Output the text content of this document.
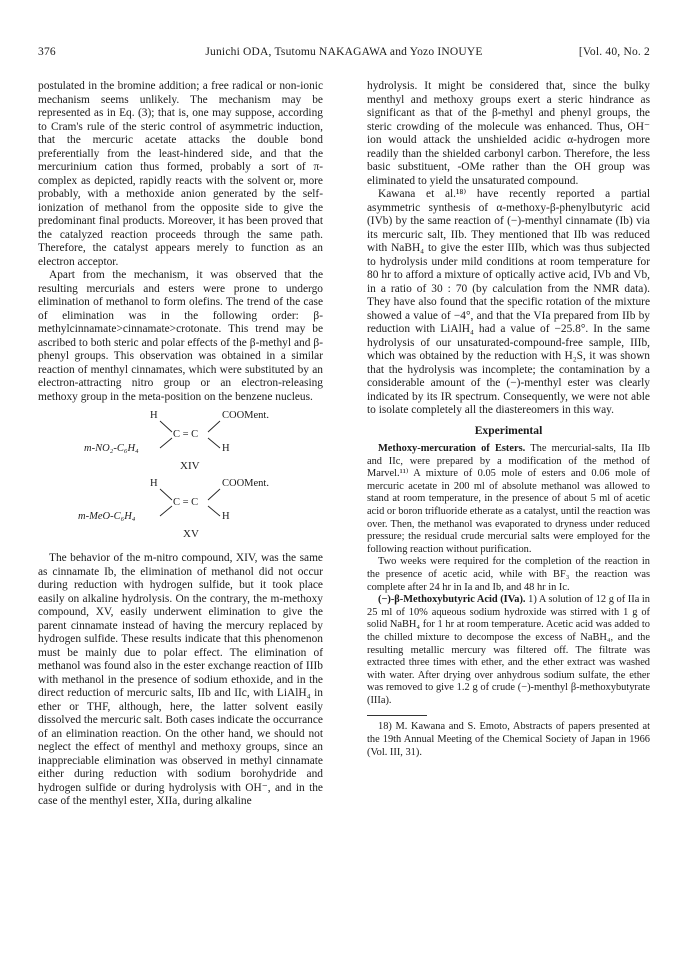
376	Junichi ODA, Tsutomu NAKAGAWA and Yozo INOUYE	[Vol. 40, No. 2

postulated in the bromine addition; a free radical or non-ionic mechanism seems unlikely. The mechanism may be represented as in Eq. (3); that is, one may suppose, according to Cram's rule of the steric control of asymmetric induction, that the mercuric acetate attacks the double bond preferentially from the least-hindered side, and that the mercurinium cation thus formed, probably a sort of π-complex as depicted, rapidly reacts with the solvent or, more probably, with a methoxide anion generated by the self-ionization of methanol from the opposite side to give the predominant final products. Moreover, it has been proved that the catalyzed reaction proceeds through the same path. Therefore, the catalyst appears merely to function as an electron acceptor.

Apart from the mechanism, it was observed that the resulting mercurials and esters were prone to undergo elimination of methanol to form olefins. The trend of the case of elimination was in the following order: β-methylcinnamate>cinnamate>crotonate. This trend may be ascribed to both steric and polar effects of the β-methyl and β-phenyl groups. This observation was obtained in a similar reaction of menthyl cinnamates, which were substituted by an electron-attracting nitro group or an electron-releasing methoxy group in the meta-position on the benzene nucleus.

H	COOMent.
C = C
m-NO₂-C₆H₄	H
XIV
H	COOMent.
C = C
m-MeO-C₆H₄	H
XV

The behavior of the m-nitro compound, XIV, was the same as cinnamate Ib, the elimination of methanol did not occur during reduction with hydrogen sulfide, but it took place easily on alkaline hydrolysis. On the contrary, the m-methoxy compound, XV, easily underwent elimination to give the parent cinnamate instead of having the mercury replaced by hydrogen sulfide. These results indicate that this phenomenon must be mainly due to polar effect. The elimination of methanol was found also in the ester exchange reaction of IIIb with methanol in the presence of sodium ethoxide, and in the direct reduction of mercuric salts, IIb and IIc, with LiAlH₄ in ether or THF, although, here, the latter solvent easily dissolved the mercuric salt. Both cases indicate the occurrance of an elimination reaction. On the other hand, we should not neglect the effect of menthyl and methoxy groups, since an inappreciable elimination was observed in methyl cinnamate either during reduction with sodium borohydride and hydrogen sulfide or during hydrolysis with OH⁻, and in the case of the menthyl ester, XIIa, during alkaline

hydrolysis. It might be considered that, since the bulky menthyl and methoxy groups exert a steric hindrance as significant as that of the β-methyl and phenyl groups, the steric crowding of the molecule was enhanced. Thus, OH⁻ ion would attack the unshielded acidic α-hydrogen more readily than the shielded carbonyl carbon. Therefore, the less basic substituent, -OMe rather than the OH group was eliminated to yield the unsaturated compound.

Kawana et al.¹⁸⁾ have recently reported a partial asymmetric synthesis of α-methoxy-β-phenylbutyric acid (IVb) by the same reaction of (−)-menthyl cinnamate (Ib) via its mercuric salt, IIb. They mentioned that IIb was reduced with NaBH₄ to give the ester IIIb, which was thus subjected to hydrolysis under mild conditions at room temperature for 80 hr to afford a mixture of optically active acid, IVb and Vb, in a ratio of 30 : 70 (by calculation from the NMR data). They have also found that the specific rotation of the mixture showed a value of −4°, and that the VIa prepared from IIb by reduction with LiAlH₄ had a value of −25.8°. In the same hydrolysis of our unsaturated-compound-free sample, IIIb, which was obtained by the reduction with H₂S, it was shown that the hydrolysis was incomplete; the contamination by a considerable amount of the (−)-menthyl ester was clearly indicated by its IR spectrum. Consequently, we were not able to isolate completely all the diastereomers in this way.

Experimental

Methoxy-mercuration of Esters. The mercurial-salts, IIa IIb and IIc, were prepared by a modification of the method of Marvel.¹¹⁾ A mixture of 0.05 mole of esters and 0.06 mole of mercuric acetate in 200 ml of absolute methanol was allowed to stand at room temperature, in the presence of about 5 ml of acetic acid or boron trifluoride etherate as a catalyst, until the reaction was over. Then, the methanol was evaporated to dryness under reduced pressure; the residual crude mercurial salts were employed for the following reaction without purification.

Two weeks were required for the completion of the reaction in the presence of acetic acid, while with BF₃ the reaction was complete after 24 hr in Ia and Ib, and 48 hr in Ic.

(−)-β-Methoxybutyric Acid (IVa). 1) A solution of 12 g of IIa in 25 ml of 10% aqueous sodium hydroxide was stirred with 1 g of solid NaBH₄ for 1 hr at room temperature. Acetic acid was added to the chilled mixture to decompose the excess of NaBH₄, and the resulting metallic mercury was filtered off. The filtrate was extracted three times with ether, and the ether extract was washed with water. After drying over anhydrous sodium sulfate, the ether was removed to give 1.2 g of crude (−)-menthyl β-methoxybutyrate (IIIa).

18) M. Kawana and S. Emoto, Abstracts of papers presented at the 19th Annual Meeting of the Chemical Society of Japan in 1966 (Vol. III, 31).
